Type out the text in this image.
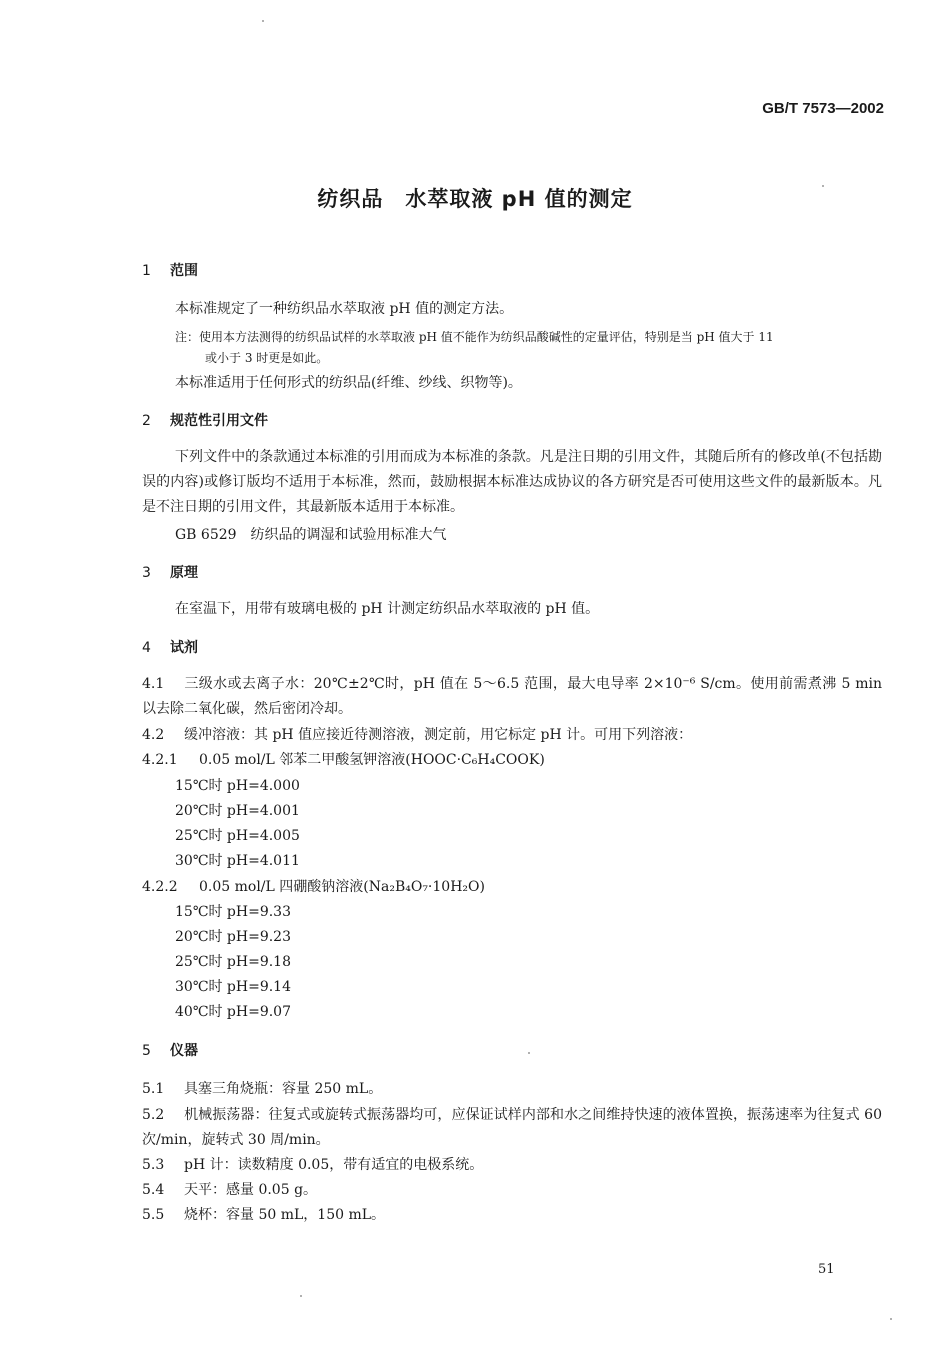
GB/T 7573—2002
纺织品　水萃取液 pH 值的测定
1 范围
本标准规定了一种纺织品水萃取液 pH 值的测定方法。
注：使用本方法测得的纺织品试样的水萃取液 pH 值不能作为纺织品酸碱性的定量评估，特别是当 pH 值大于 11
或小于 3 时更是如此。
本标准适用于任何形式的纺织品(纤维、纱线、织物等)。
2 规范性引用文件
下列文件中的条款通过本标准的引用而成为本标准的条款。凡是注日期的引用文件，其随后所有的修改单(不包括勘误的内容)或修订版均不适用于本标准，然而，鼓励根据本标准达成协议的各方研究是否可使用这些文件的最新版本。凡是不注日期的引用文件，其最新版本适用于本标准。
GB 6529　纺织品的调湿和试验用标准大气
3 原理
在室温下，用带有玻璃电极的 pH 计测定纺织品水萃取液的 pH 值。
4 试剂
4.1 三级水或去离子水：20℃±2℃时，pH 值在 5～6.5 范围，最大电导率 2×10⁻⁶ S/cm。使用前需煮沸 5 min 以去除二氧化碳，然后密闭冷却。
4.2 缓冲溶液：其 pH 值应接近待测溶液，测定前，用它标定 pH 计。可用下列溶液：
4.2.1 0.05 mol/L 邻苯二甲酸氢钾溶液(HOOC·C₆H₄COOK)
15℃时 pH=4.000
20℃时 pH=4.001
25℃时 pH=4.005
30℃时 pH=4.011
4.2.2 0.05 mol/L 四硼酸钠溶液(Na₂B₄O₇·10H₂O)
15℃时 pH=9.33
20℃时 pH=9.23
25℃时 pH=9.18
30℃时 pH=9.14
40℃时 pH=9.07
5 仪器
5.1 具塞三角烧瓶：容量 250 mL。
5.2 机械振荡器：往复式或旋转式振荡器均可，应保证试样内部和水之间维持快速的液体置换，振荡速率为往复式 60 次/min，旋转式 30 周/min。
5.3 pH 计：读数精度 0.05，带有适宜的电极系统。
5.4 天平：感量 0.05 g。
5.5 烧杯：容量 50 mL，150 mL。
51
